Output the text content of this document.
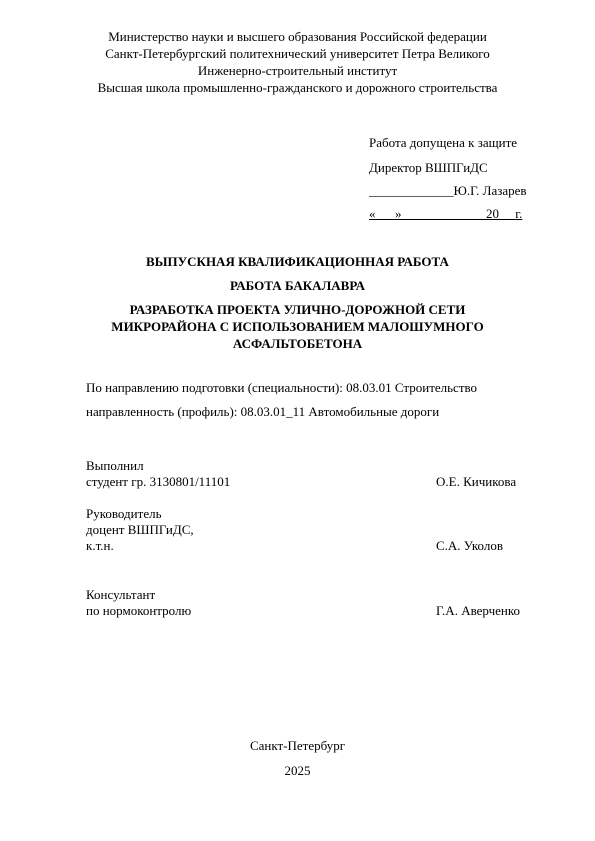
Министерство науки и высшего образования Российской федерации
Санкт-Петербургский политехнический университет Петра Великого
Инженерно-строительный институт
Высшая школа промышленно-гражданского и дорожного строительства
Работа допущена к защите
Директор ВШПГиДС
_____________Ю.Г. Лазарев
«___»_____________20__ г.
ВЫПУСКНАЯ КВАЛИФИКАЦИОННАЯ РАБОТА
РАБОТА БАКАЛАВРА
РАЗРАБОТКА ПРОЕКТА УЛИЧНО-ДОРОЖНОЙ СЕТИ
МИКРОРАЙОНА С ИСПОЛЬЗОВАНИЕМ МАЛОШУМНОГО
АСФАЛЬТОБЕТОНА
По направлению подготовки (специальности): 08.03.01 Строительство
направленность (профиль): 08.03.01_11 Автомобильные дороги
Выполнил
студент гр. 3130801/11101	О.Е. Кичикова
Руководитель
доцент ВШПГиДС,
к.т.н.	С.А. Уколов
Консультант
по нормоконтролю	Г.А. Аверченко
Санкт-Петербург
2025
